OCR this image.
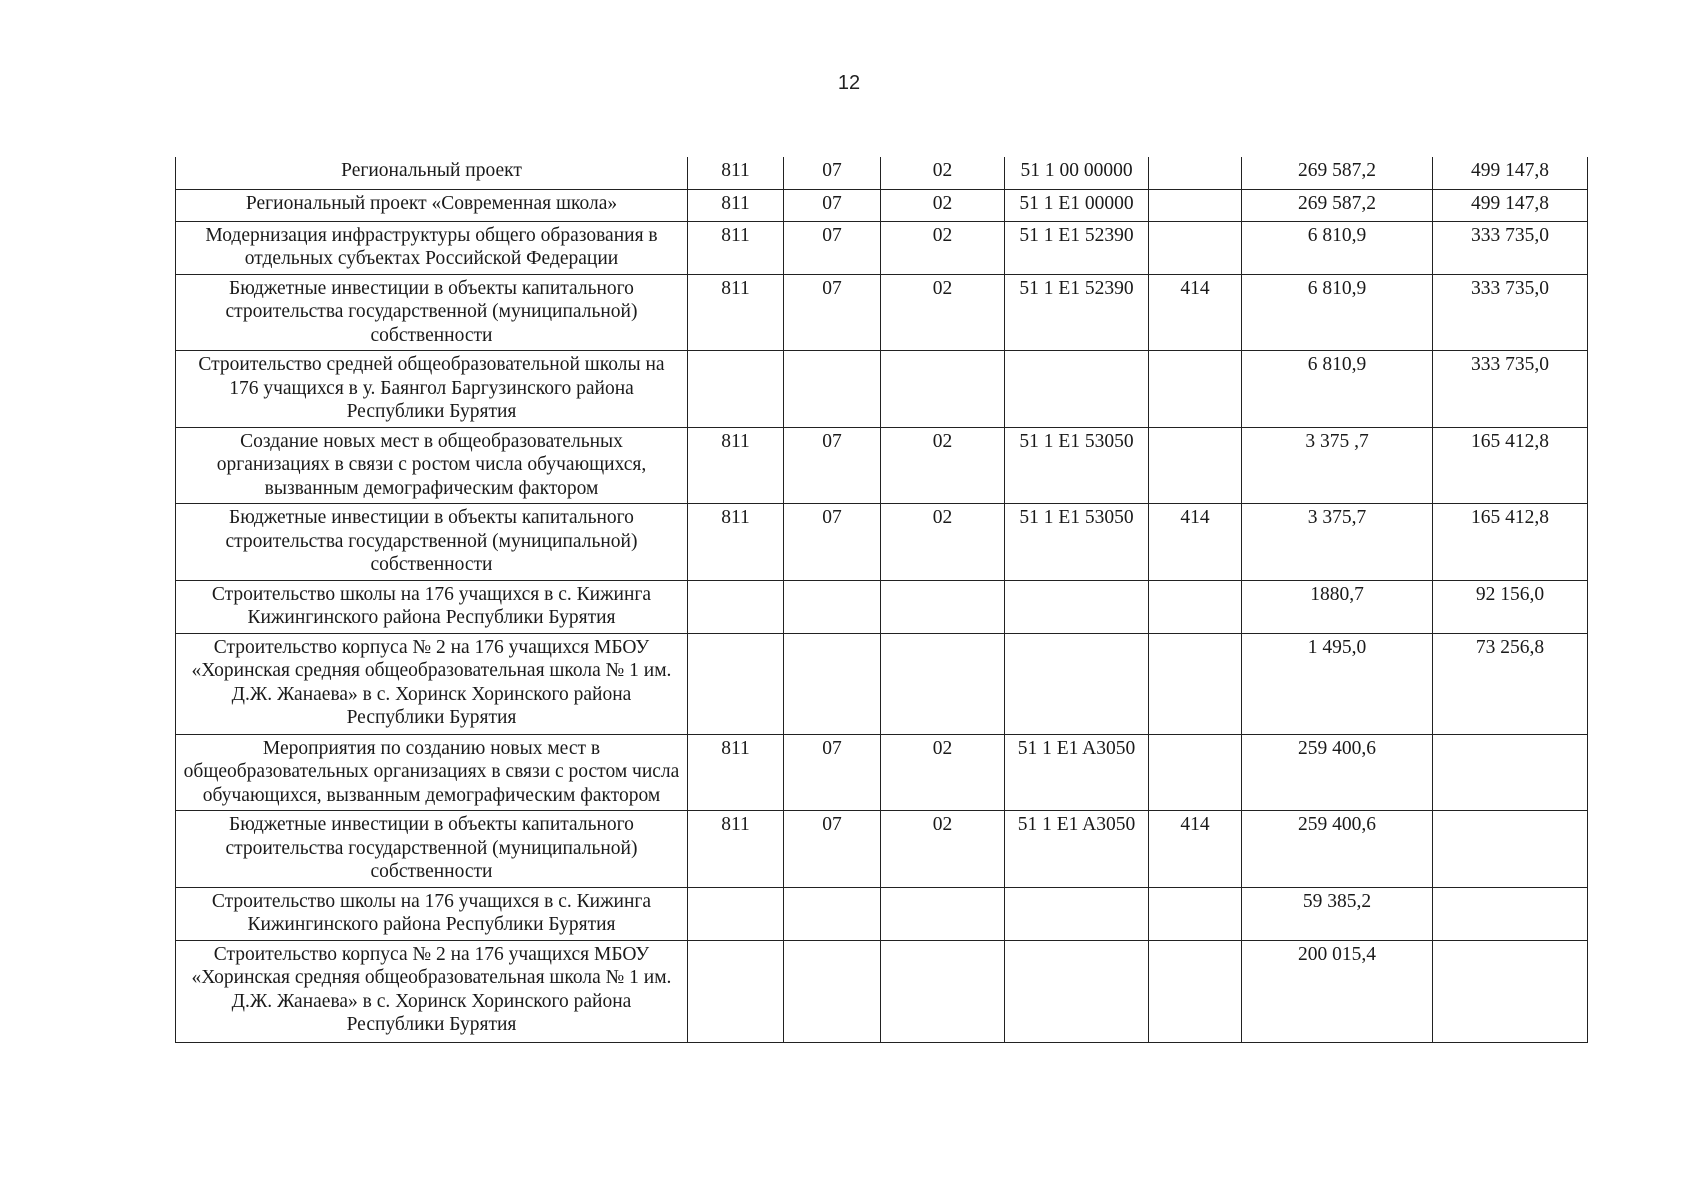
12
Региональный проект	811	07	02	51 1 00 00000		269 587,2	499 147,8
Региональный проект «Современная школа»	811	07	02	51 1 E1 00000		269 587,2	499 147,8
Модернизация инфраструктуры общего образования в отдельных субъектах Российской Федерации	811	07	02	51 1 E1 52390		6 810,9	333 735,0
Бюджетные инвестиции в объекты капитального строительства государственной (муниципальной) собственности	811	07	02	51 1 E1 52390	414	6 810,9	333 735,0
Строительство средней общеобразовательной школы на 176 учащихся в у. Баянгол Баргузинского района Республики Бурятия						6 810,9	333 735,0
Создание новых мест в общеобразовательных организациях в связи с ростом числа обучающихся, вызванным демографическим фактором	811	07	02	51 1 E1 53050		3 375 ,7	165 412,8
Бюджетные инвестиции в объекты капитального строительства государственной (муниципальной) собственности	811	07	02	51 1 E1 53050	414	3 375,7	165 412,8
Строительство школы на 176 учащихся в с. Кижинга Кижингинского района Республики Бурятия						1880,7	92 156,0
Строительство корпуса № 2 на 176 учащихся МБОУ «Хоринская средняя общеобразовательная школа № 1 им. Д.Ж. Жанаева» в с. Хоринск Хоринского района Республики Бурятия						1 495,0	73 256,8
Мероприятия по созданию новых мест в общеобразовательных организациях в связи с ростом числа обучающихся, вызванным демографическим фактором	811	07	02	51 1 E1 A3050		259 400,6	
Бюджетные инвестиции в объекты капитального строительства государственной (муниципальной) собственности	811	07	02	51 1 E1 A3050	414	259 400,6	
Строительство школы на 176 учащихся в с. Кижинга Кижингинского района Республики Бурятия						59 385,2	
Строительство корпуса № 2 на 176 учащихся МБОУ «Хоринская средняя общеобразовательная школа № 1 им. Д.Ж. Жанаева» в с. Хоринск Хоринского района Республики Бурятия						200 015,4	
